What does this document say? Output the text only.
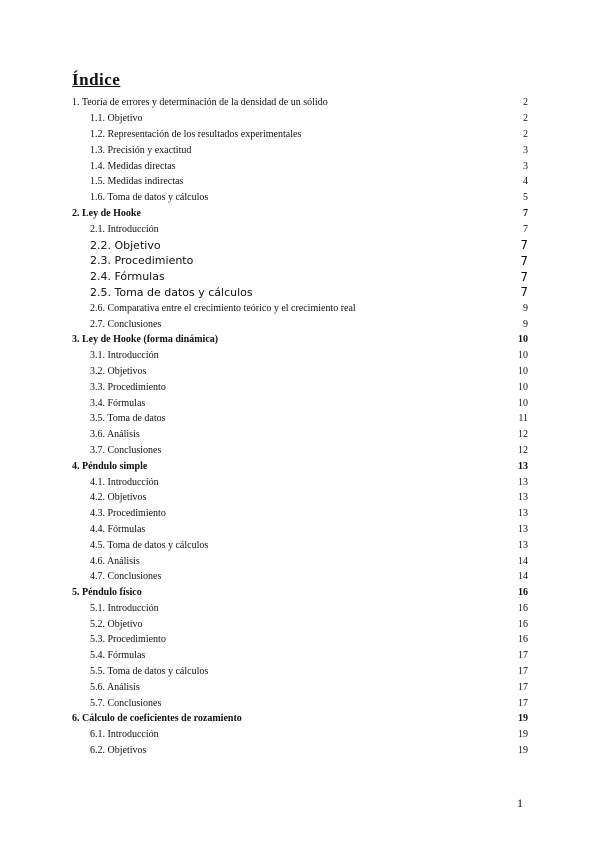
Índice
1. Teoría de errores y determinación de la densidad de un sólido	2
1.1. Objetivo	2
1.2. Representación de los resultados experimentales	2
1.3. Precisión y exactitud	3
1.4. Medidas directas	3
1.5. Medidas indirectas	4
1.6. Toma de datos y cálculos	5
2. Ley de Hooke	7
2.1. Introducción	7
2.2. Objetivo	7
2.3. Procedimiento	7
2.4. Fórmulas	7
2.5. Toma de datos y cálculos	7
2.6. Comparativa entre el crecimiento teórico y el crecimiento real	9
2.7. Conclusiones	9
3. Ley de Hooke (forma dinámica)	10
3.1. Introducción	10
3.2. Objetivos	10
3.3. Procedimiento	10
3.4. Fórmulas	10
3.5. Toma de datos	11
3.6. Análisis	12
3.7. Conclusiones	12
4. Péndulo simple	13
4.1. Introducción	13
4.2. Objetivos	13
4.3. Procedimiento	13
4.4. Fórmulas	13
4.5. Toma de datos y cálculos	13
4.6. Análisis	14
4.7. Conclusiones	14
5. Péndulo físico	16
5.1. Introducción	16
5.2. Objetivo	16
5.3. Procedimiento	16
5.4. Fórmulas	17
5.5. Toma de datos y cálculos	17
5.6. Análisis	17
5.7. Conclusiones	17
6. Cálculo de coeficientes de rozamiento	19
6.1. Introducción	19
6.2. Objetivos	19
1
